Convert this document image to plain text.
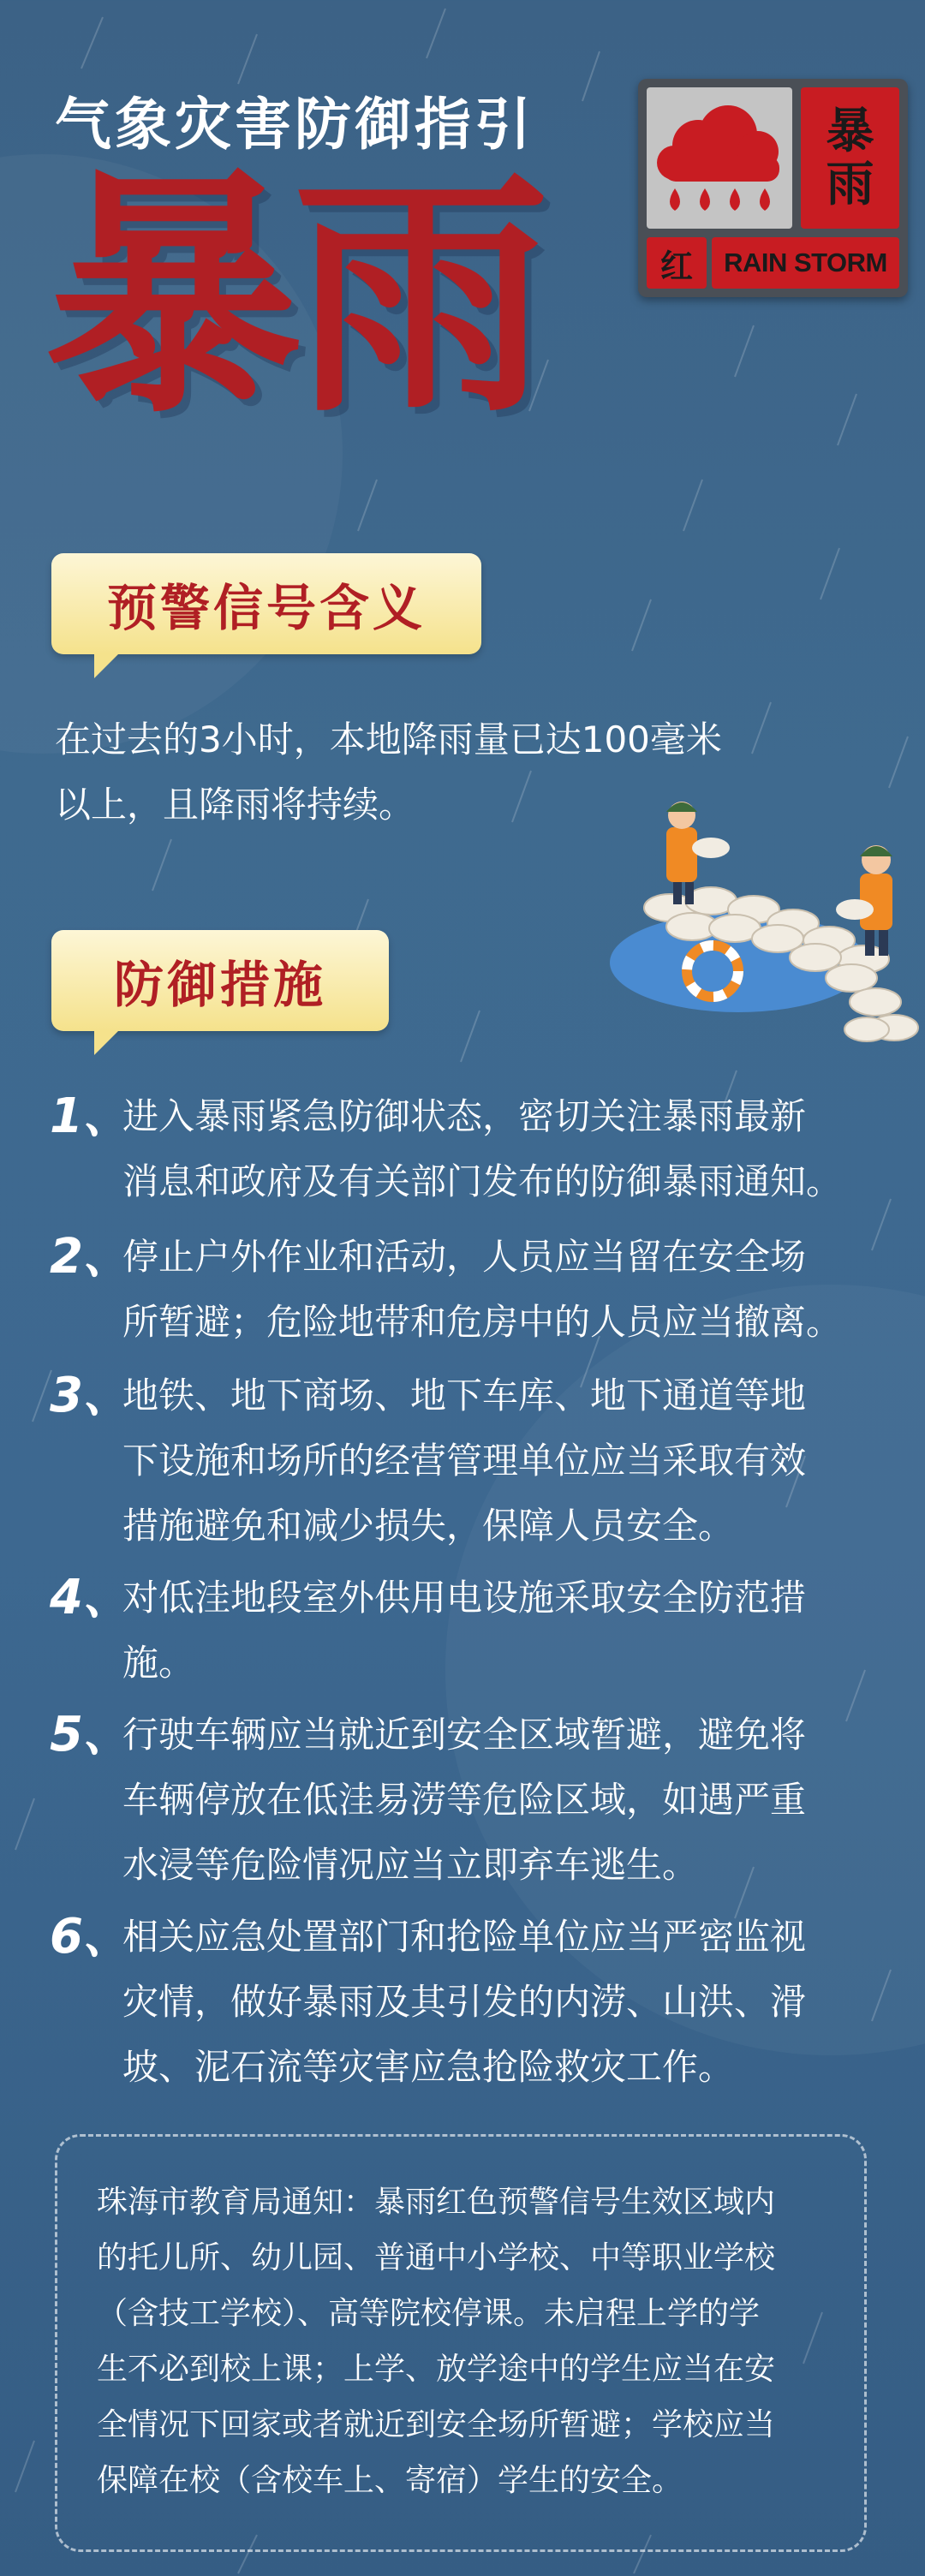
气象灾害防御指引
暴雨
暴
雨
红	RAIN STORM
预警信号含义
在过去的3小时，本地降雨量已达100毫米
以上，且降雨将持续。
防御措施
1、
进入暴雨紧急防御状态，密切关注暴雨最新
消息和政府及有关部门发布的防御暴雨通知。
2、
停止户外作业和活动，人员应当留在安全场
所暂避；危险地带和危房中的人员应当撤离。
3、
地铁、地下商场、地下车库、地下通道等地
下设施和场所的经营管理单位应当采取有效
措施避免和减少损失，保障人员安全。
4、
对低洼地段室外供用电设施采取安全防范措
施。
5、
行驶车辆应当就近到安全区域暂避，避免将
车辆停放在低洼易涝等危险区域，如遇严重
水浸等危险情况应当立即弃车逃生。
6、
相关应急处置部门和抢险单位应当严密监视
灾情，做好暴雨及其引发的内涝、山洪、滑
坡、泥石流等灾害应急抢险救灾工作。
珠海市教育局通知：暴雨红色预警信号生效区域内
的托儿所、幼儿园、普通中小学校、中等职业学校
（含技工学校）、高等院校停课。未启程上学的学
生不必到校上课；上学、放学途中的学生应当在安
全情况下回家或者就近到安全场所暂避；学校应当
保障在校（含校车上、寄宿）学生的安全。
